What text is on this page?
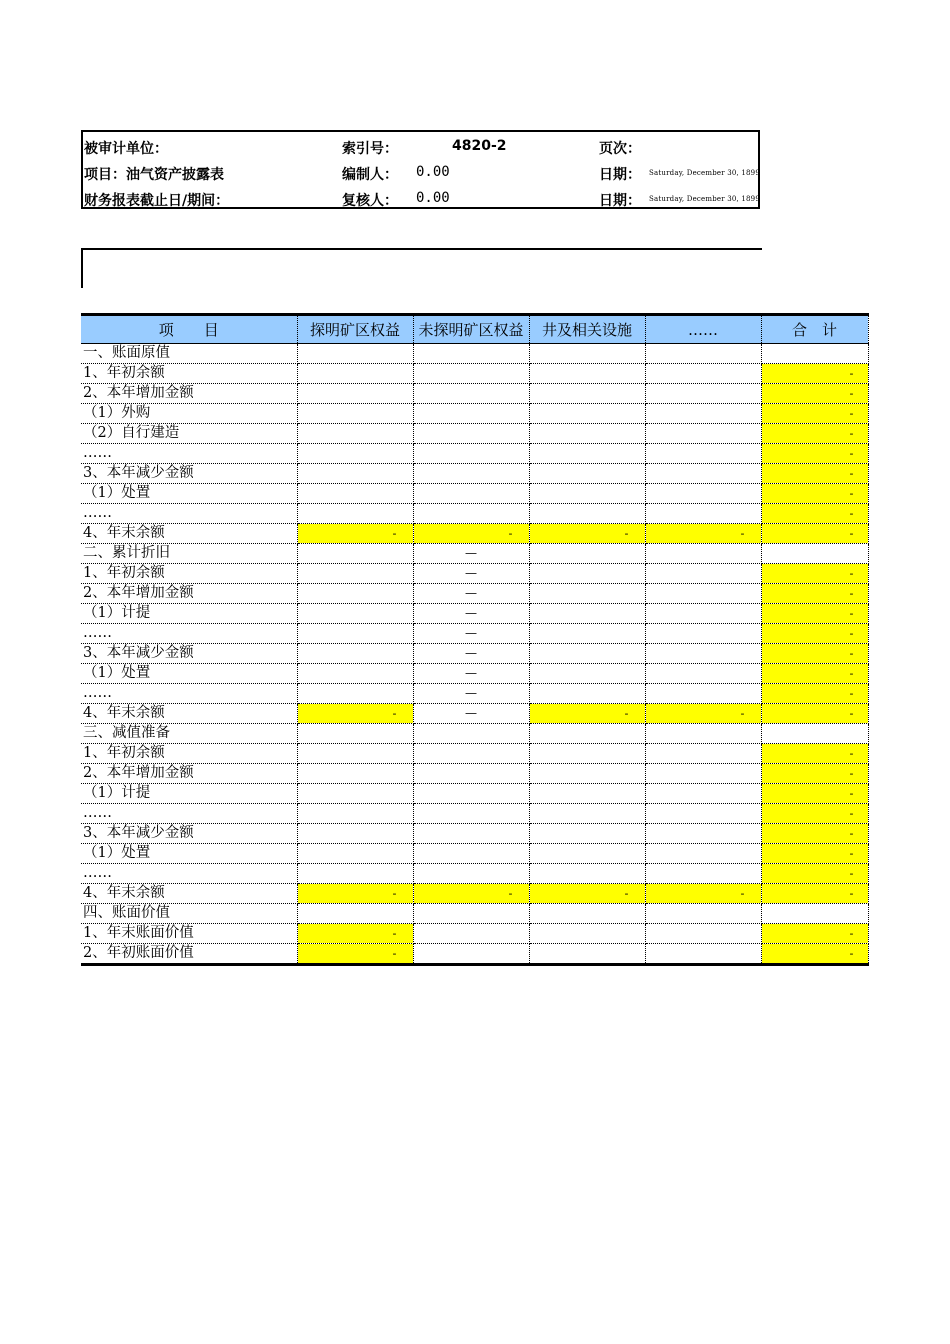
被审计单位：	索引号：	4820-2	页次：
项目：油气资产披露表	编制人： 0.00	日期： Saturday, December 30, 1899
财务报表截止日/期间：	复核人： 0.00	日期： Saturday, December 30, 1899
项　　目	探明矿区权益	未探明矿区权益	井及相关设施	……	合　计
一、账面原值					
1、年初余额					-
2、本年增加金额					-
（1）外购					-
（2）自行建造					-
……					-
3、本年减少金额					-
（1）处置					-
……					-
4、年末余额	-	-	-	-	-
二、累计折旧		—			
1、年初余额		—			-
2、本年增加金额		—			-
（1）计提		—			-
……		—			-
3、本年减少金额		—			-
（1）处置		—			-
……		—			-
4、年末余额	-	—	-	-	-
三、减值准备					
1、年初余额					-
2、本年增加金额					-
（1）计提					-
……					-
3、本年减少金额					-
（1）处置					-
……					-
4、年末余额	-	-	-	-	-
四、账面价值					
1、年末账面价值	-				-
2、年初账面价值	-				-
